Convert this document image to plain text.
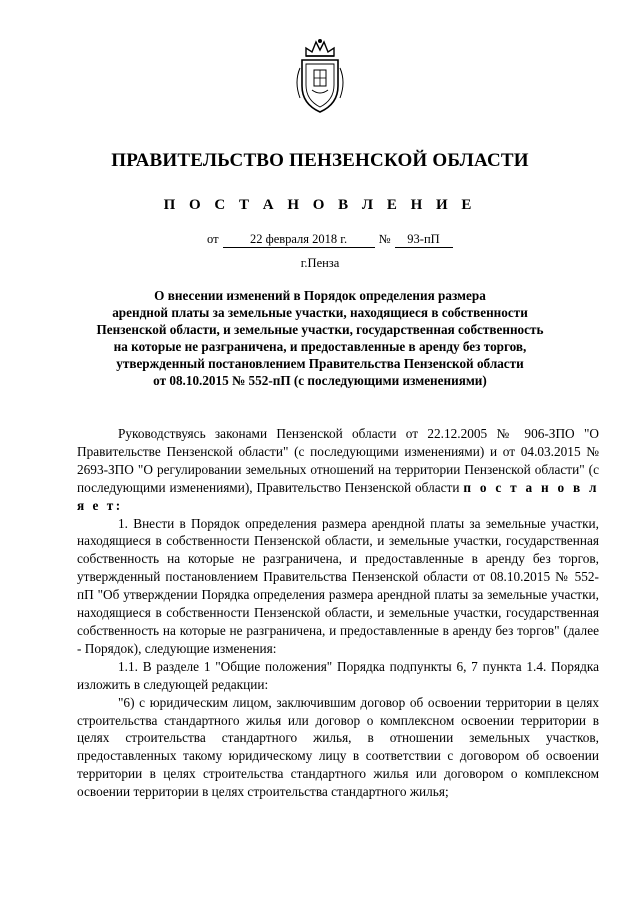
ПРАВИТЕЛЬСТВО ПЕНЗЕНСКОЙ ОБЛАСТИ
П О С Т А Н О В Л Е Н И Е
от	22 февраля 2018 г.	№ 93-пП
г.Пенза
О внесении изменений в Порядок определения размера
арендной платы за земельные участки, находящиеся в собственности
Пензенской области, и земельные участки, государственная собственность
на которые не разграничена, и предоставленные в аренду без торгов,
утвержденный постановлением Правительства Пензенской области
от 08.10.2015 № 552-пП (с последующими изменениями)

Руководствуясь законами Пензенской области от 22.12.2005 № 906-ЗПО "О Правительстве Пензенской области" (с последующими изменениями) и от 04.03.2015 № 2693-ЗПО "О регулировании земельных отношений на территории Пензенской области" (с последующими изменениями), Правительство Пензенской области п о с т а н о в л я е т:

1. Внести в Порядок определения размера арендной платы за земельные участки, находящиеся в собственности Пензенской области, и земельные участки, государственная собственность на которые не разграничена, и предоставленные в аренду без торгов, утвержденный постановлением Правительства Пензенской области от 08.10.2015 № 552-пП "Об утверждении Порядка определения размера арендной платы за земельные участки, находящиеся в собственности Пензенской области, и земельные участки, государственная собственность на которые не разграничена, и предоставленные в аренду без торгов" (далее - Порядок), следующие изменения:

1.1. В разделе 1 "Общие положения" Порядка подпункты 6, 7 пункта 1.4. Порядка изложить в следующей редакции:

"6) с юридическим лицом, заключившим договор об освоении территории в целях строительства стандартного жилья или договор о комплексном освоении территории в целях строительства стандартного жилья, в отношении земельных участков, предоставленных такому юридическому лицу в соответствии с договором об освоении территории в целях строительства стандартного жилья или договором о комплексном освоении территории в целях строительства стандартного жилья;
